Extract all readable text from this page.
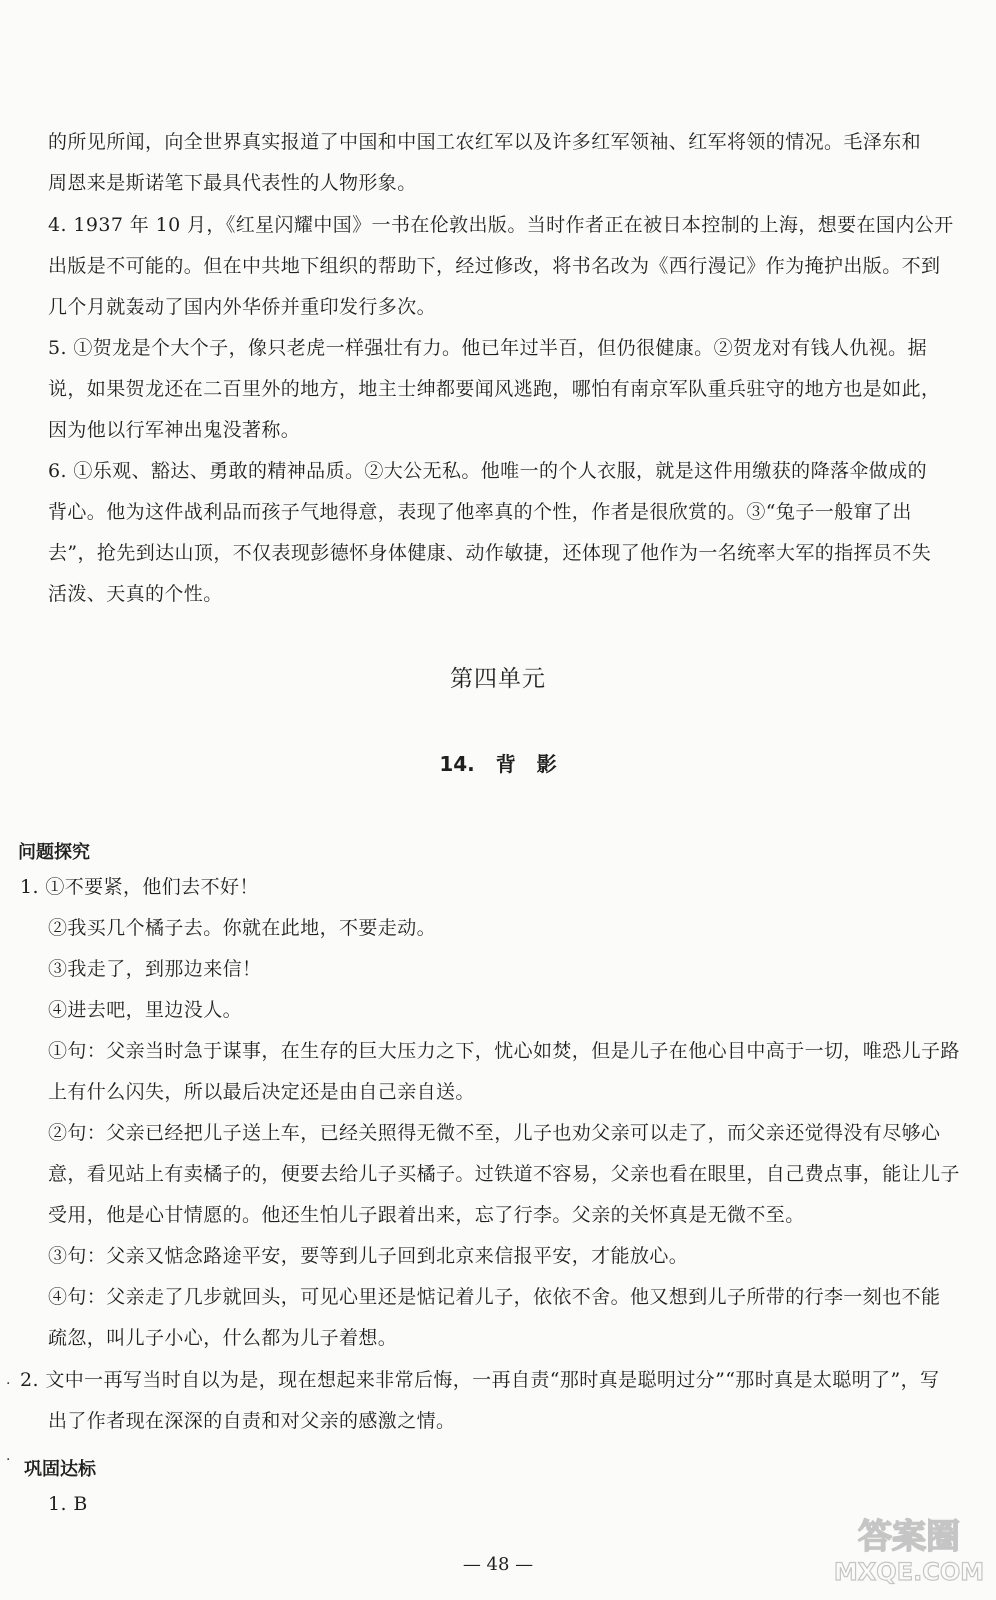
的所见所闻，向全世界真实报道了中国和中国工农红军以及许多红军领袖、红军将领的情况。毛泽东和
周恩来是斯诺笔下最具代表性的人物形象。
4. 1937 年 10 月，《红星闪耀中国》一书在伦敦出版。当时作者正在被日本控制的上海，想要在国内公开
出版是不可能的。但在中共地下组织的帮助下，经过修改，将书名改为《西行漫记》作为掩护出版。不到
几个月就轰动了国内外华侨并重印发行多次。
5. ①贺龙是个大个子，像只老虎一样强壮有力。他已年过半百，但仍很健康。②贺龙对有钱人仇视。据
说，如果贺龙还在二百里外的地方，地主士绅都要闻风逃跑，哪怕有南京军队重兵驻守的地方也是如此，
因为他以行军神出鬼没著称。
6. ①乐观、豁达、勇敢的精神品质。②大公无私。他唯一的个人衣服，就是这件用缴获的降落伞做成的
背心。他为这件战利品而孩子气地得意，表现了他率真的个性，作者是很欣赏的。③“兔子一般窜了出
去”，抢先到达山顶，不仅表现彭德怀身体健康、动作敏捷，还体现了他作为一名统率大军的指挥员不失
活泼、天真的个性。
第四单元
14. 背 影
问题探究
1. ①不要紧，他们去不好！
②我买几个橘子去。你就在此地，不要走动。
③我走了，到那边来信！
④进去吧，里边没人。
①句：父亲当时急于谋事，在生存的巨大压力之下，忧心如焚，但是儿子在他心目中高于一切，唯恐儿子路
上有什么闪失，所以最后决定还是由自己亲自送。
②句：父亲已经把儿子送上车，已经关照得无微不至，儿子也劝父亲可以走了，而父亲还觉得没有尽够心
意，看见站上有卖橘子的，便要去给儿子买橘子。过铁道不容易，父亲也看在眼里，自己费点事，能让儿子
受用，他是心甘情愿的。他还生怕儿子跟着出来，忘了行李。父亲的关怀真是无微不至。
③句：父亲又惦念路途平安，要等到儿子回到北京来信报平安，才能放心。
④句：父亲走了几步就回头，可见心里还是惦记着儿子，依依不舍。他又想到儿子所带的行李一刻也不能
疏忽，叫儿子小心，什么都为儿子着想。
. 2. 文中一再写当时自以为是，现在想起来非常后悔，一再自责“那时真是聪明过分”“那时真是太聪明了”，写
出了作者现在深深的自责和对父亲的感激之情。
· 巩固达标
1. B
— 48 —
答案圈
MXQE.COM
